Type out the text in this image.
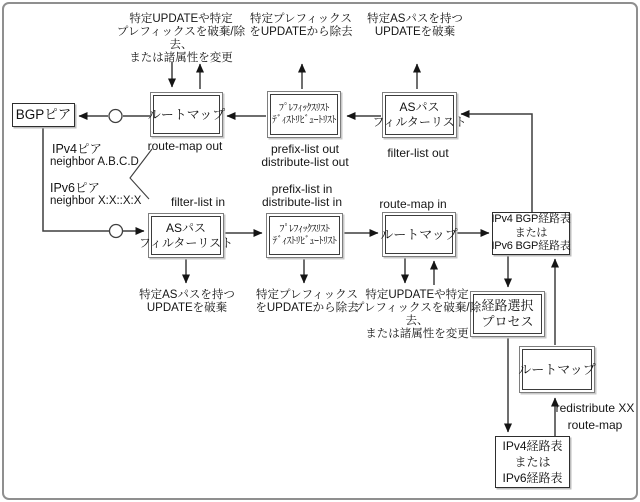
BGPピア	ルートマップ	ﾌﾟﾚﾌｨｯｸｽﾘｽﾄ
ﾃﾞｨｽﾄﾘﾋﾞｭｰﾄﾘｽﾄ
ASパス
フィルターリスト
ASパス
フィルターリスト
ﾌﾟﾚﾌｨｯｸｽﾘｽﾄ
ﾃﾞｨｽﾄﾘﾋﾞｭｰﾄﾘｽﾄ	ルートマップ
IPv4 BGP経路表
または
IPv6 BGP経路表
経路選択
プロセス
ルートマップ
IPv4経路表
または
IPv6経路表
特定UPDATEや特定
プレフィックスを破棄/除去、
または諸属性を変更
特定プレフィックス
をUPDATEから除去
特定ASパスを持つ
UPDATEを破棄
特定ASパスを持つ
UPDATEを破棄
特定プレフィックス
をUPDATEから除去
特定UPDATEや特定
プレフィックスを破棄/除去、
または諸属性を変更
route-map out	prefix-list out
distribute-list out
filter-list out
filter-list in
prefix-list in
distribute-list in	route-map in
redistribute XX
route-map
IPv4ピア
neighbor A.B.C.D
IPv6ピア
neighbor X:X::X:X
